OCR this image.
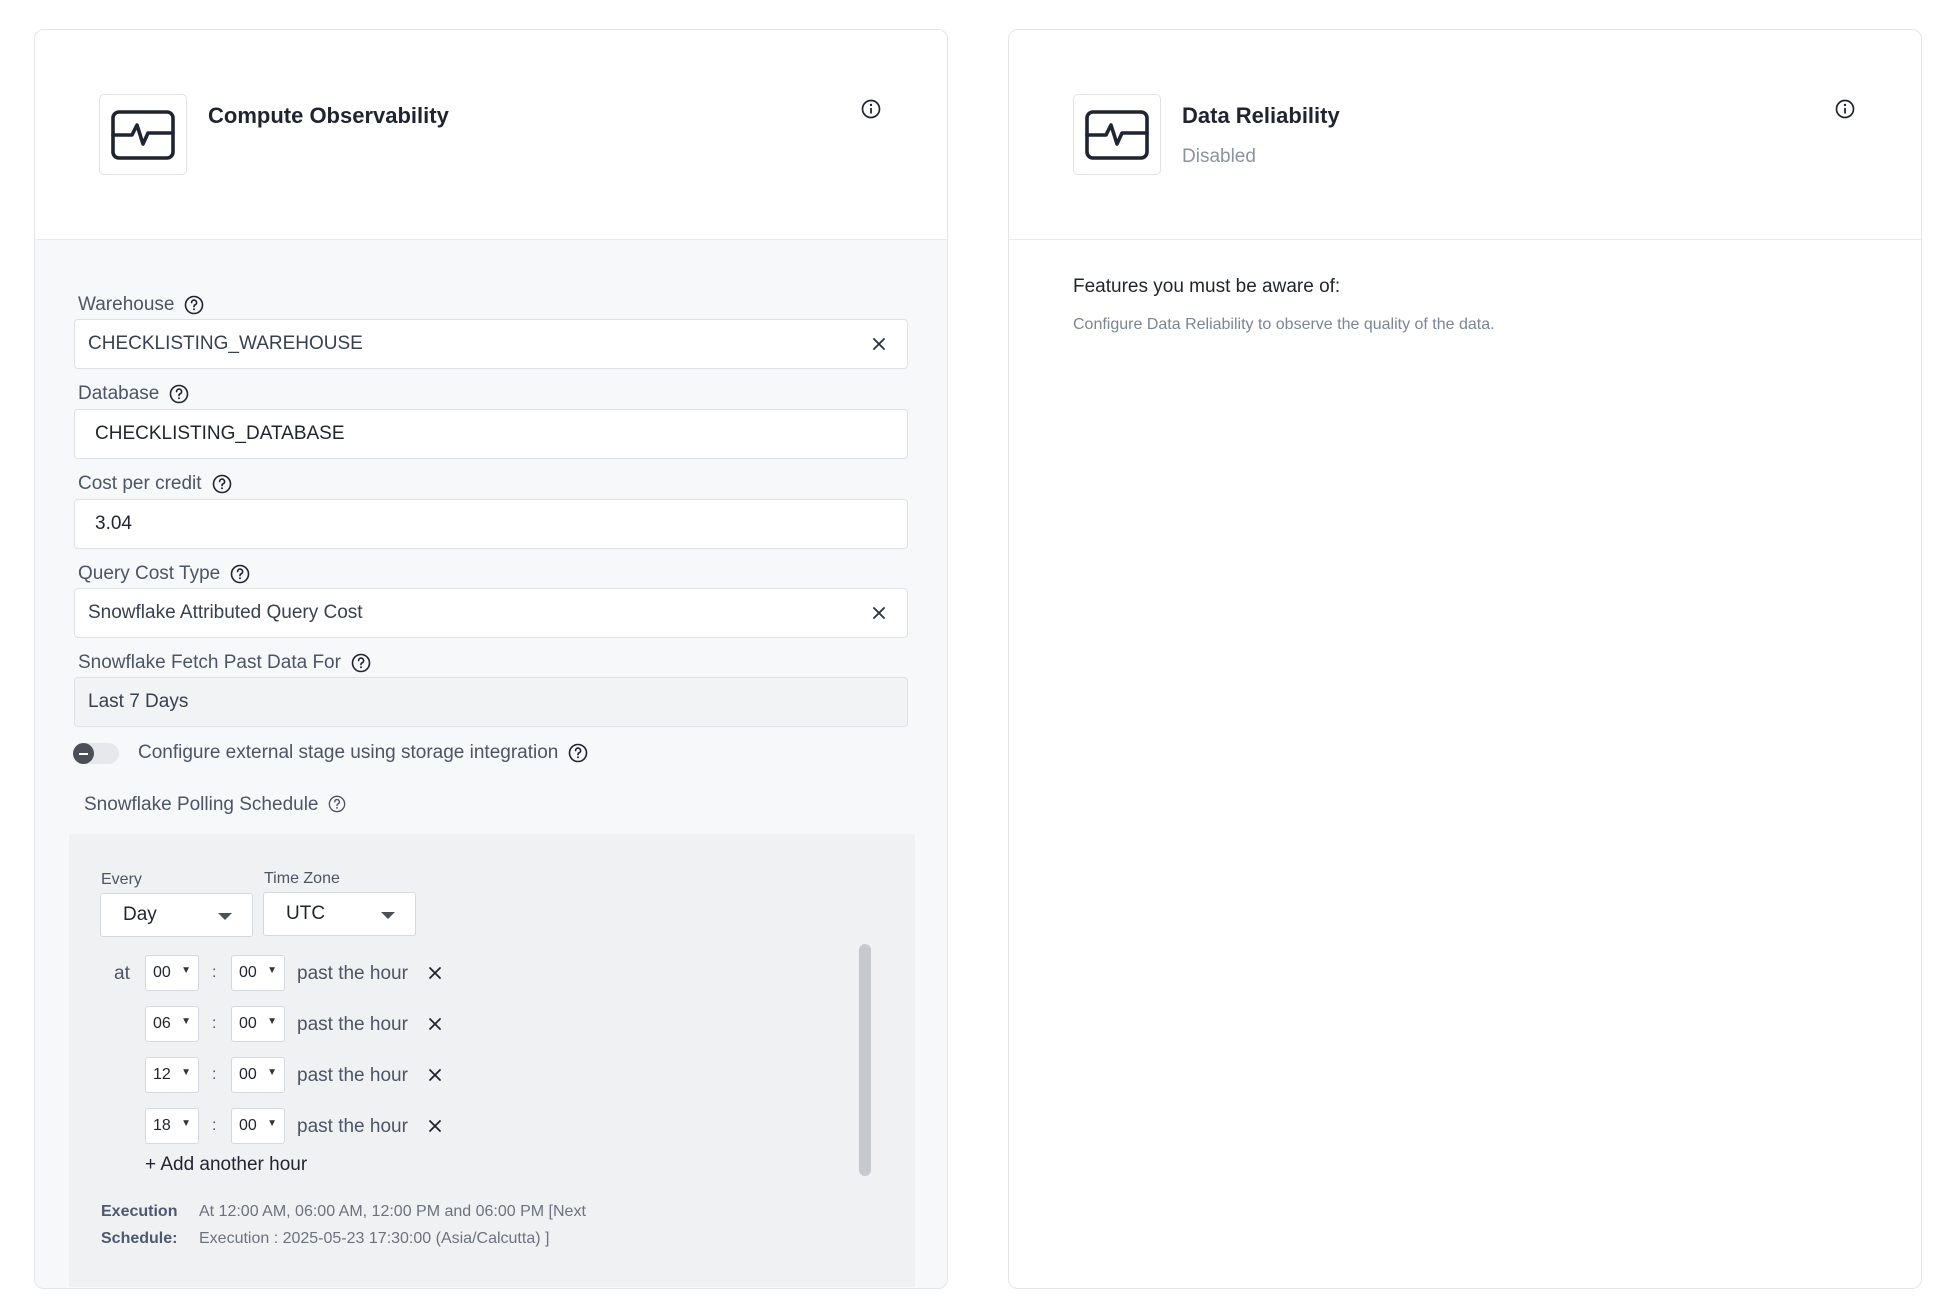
Compute Observability
Warehouse
CHECKLISTING_WAREHOUSE
Database
CHECKLISTING_DATABASE
Cost per credit
3.04
Query Cost Type
Snowflake Attributed Query Cost
Snowflake Fetch Past Data For
Last 7 Days
Configure external stage using storage integration
Snowflake Polling Schedule
Every	Time Zone
Day	UTC
at 00 ▼ : 00 ▼ past the hour
06 ▼ : 00 ▼ past the hour
12 ▼ : 00 ▼ past the hour
18 ▼ : 00 ▼ past the hour
+ Add another hour
Execution
Schedule:
At 12:00 AM, 06:00 AM, 12:00 PM and 06:00 PM [Next
Execution : 2025-05-23 17:30:00 (Asia/Calcutta) ]
Data Reliability
Disabled
Features you must be aware of:
Configure Data Reliability to observe the quality of the data.
